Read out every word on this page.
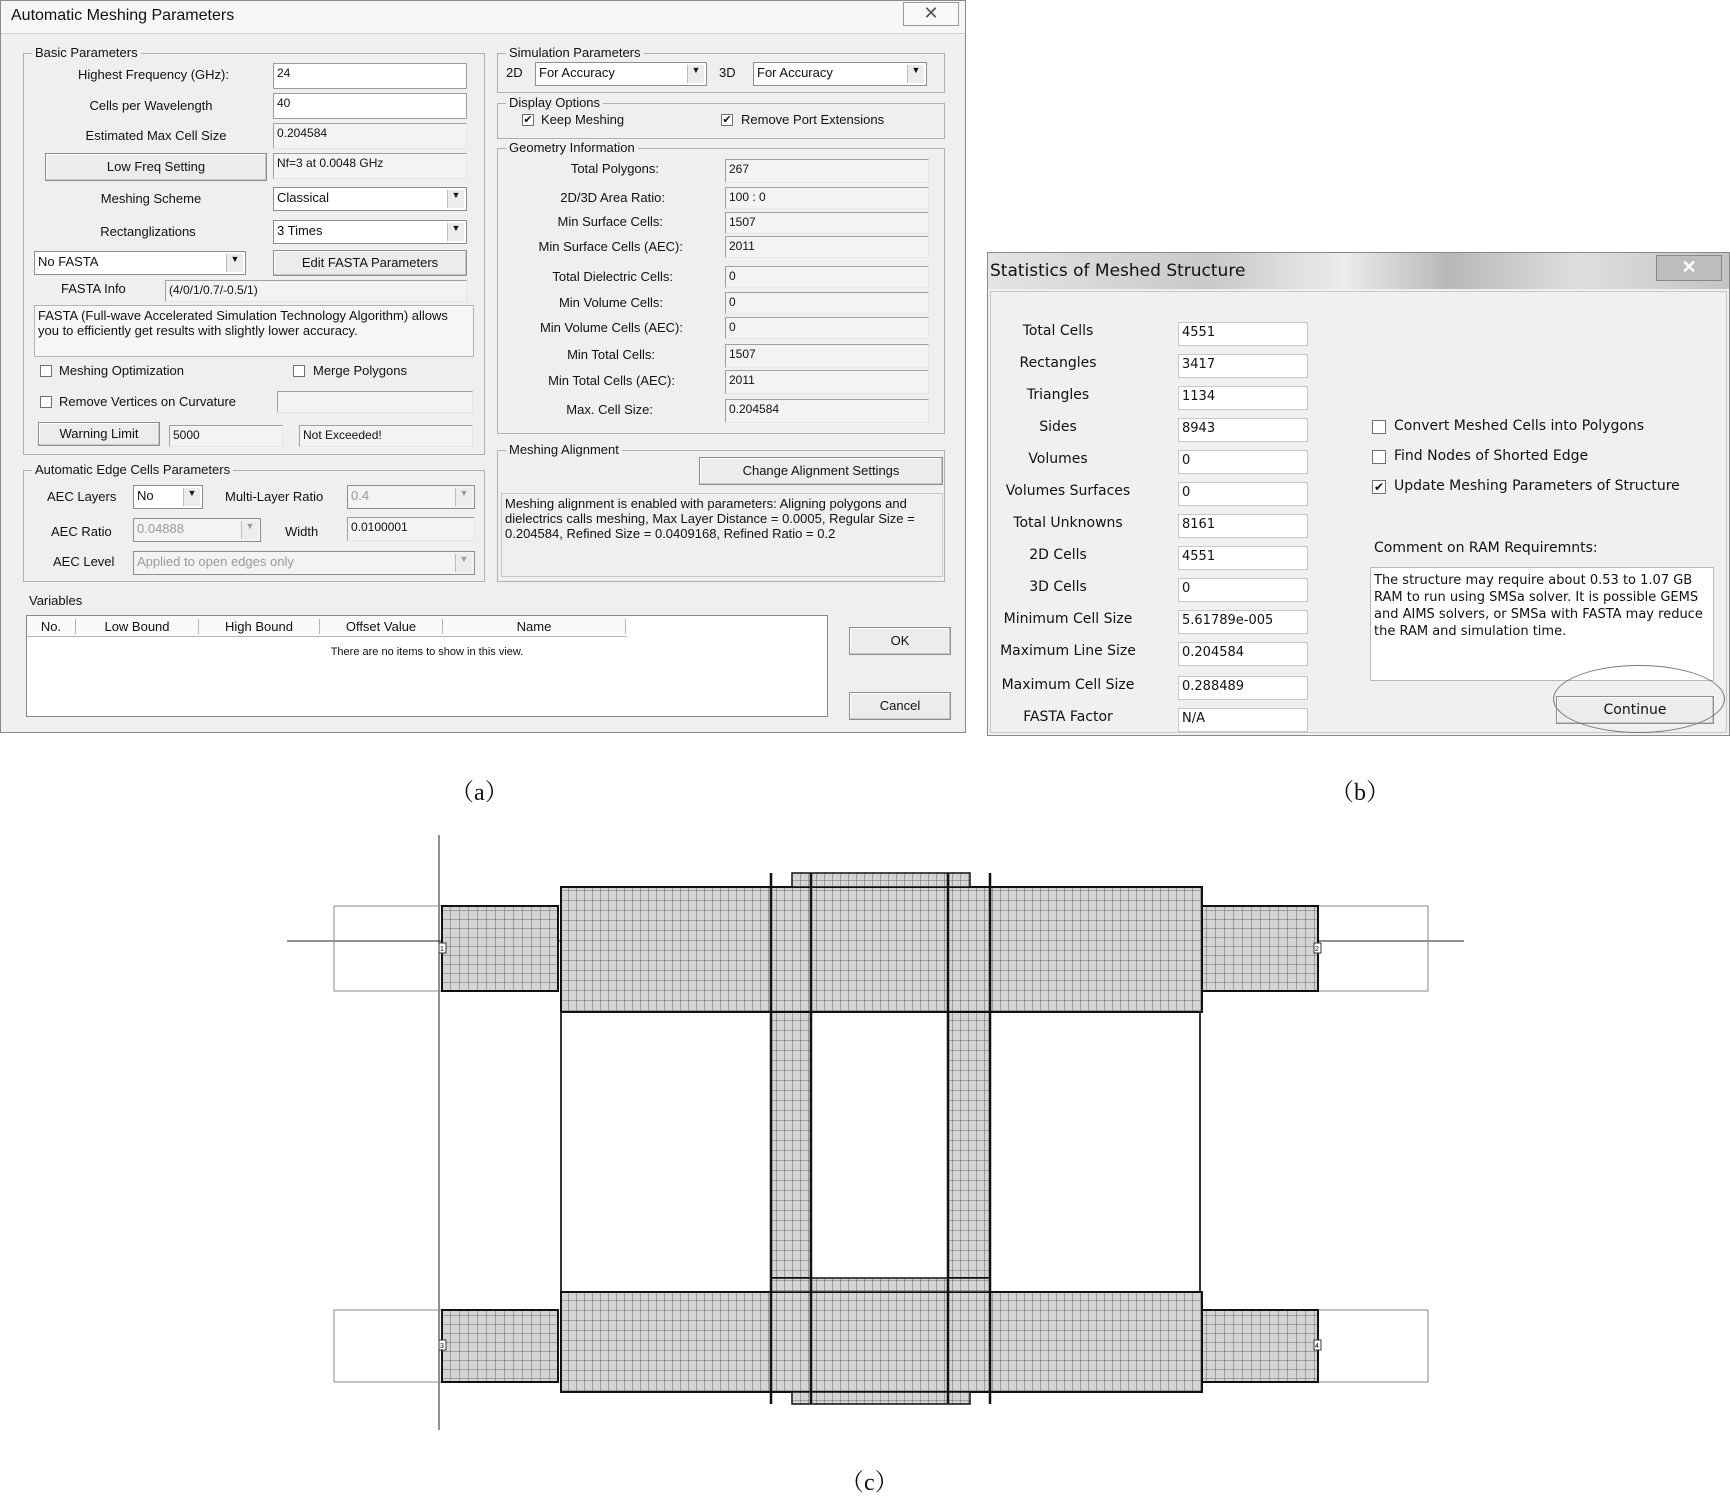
Automatic Meshing Parameters	✕
Basic Parameters
Highest Frequency (GHz):	24
Cells per Wavelength	40
Estimated Max Cell Size	0.204584
Low Freq Setting	Nf=3 at 0.0048 GHz
Meshing Scheme	Classical	▼
Rectanglizations	3 Times	▼
No FASTA	▼	Edit FASTA Parameters
FASTA Info	(4/0/1/0.7/-0.5/1)
FASTA (Full-wave Accelerated Simulation Technology Algorithm) allows you to efficiently get results with slightly lower accuracy.
Meshing Optimization	Merge Polygons
Remove Vertices on Curvature
Warning Limit	5000	Not Exceeded!
Automatic Edge Cells Parameters
AEC Layers	No	▼ Multi-Layer Ratio	0.4	▼
AEC Ratio	0.04888	▼ Width	0.0100001
AEC Level	Applied to open edges only	▼
Simulation Parameters
2D	For Accuracy	▼ 3D	For Accuracy	▼
Display Options
✔ Keep Meshing	✔ Remove Port Extensions
Geometry Information
Total Polygons:	267
2D/3D Area Ratio:	100 : 0
Min Surface Cells:	1507
Min Surface Cells (AEC):	2011
Total Dielectric Cells:	0
Min Volume Cells:	0
Min Volume Cells (AEC):	0
Min Total Cells:	1507
Min Total Cells (AEC):	2011
Max. Cell Size:	0.204584
Meshing Alignment
Change Alignment Settings
Meshing alignment is enabled with parameters: Aligning polygons and dielectrics calls meshing, Max Layer Distance = 0.0005, Regular Size = 0.204584, Refined Size = 0.0409168, Refined Ratio = 0.2
Variables
No.	Low Bound	High Bound	Offset Value	Name
There are no items to show in this view.
OK
Cancel
Statistics of Meshed Structure	✕
Total Cells	4551
Rectangles	3417
Triangles	1134
Sides	8943
Volumes	0
Volumes Surfaces	0
Total Unknowns	8161
2D Cells	4551
3D Cells	0
Minimum Cell Size	5.61789e-005
Maximum Line Size	0.204584
Maximum Cell Size	0.288489
FASTA Factor	N/A
Convert Meshed Cells into Polygons
Find Nodes of Shorted Edge
✔ Update Meshing Parameters of Structure
Comment on RAM Requiremnts:
The structure may require about 0.53 to 1.07 GB RAM to run using SMSa solver. It is possible GEMS and AIMS solvers, or SMSa with FASTA may reduce the RAM and simulation time.
Continue
1	2
3	4
（a）	（b）
（c）
